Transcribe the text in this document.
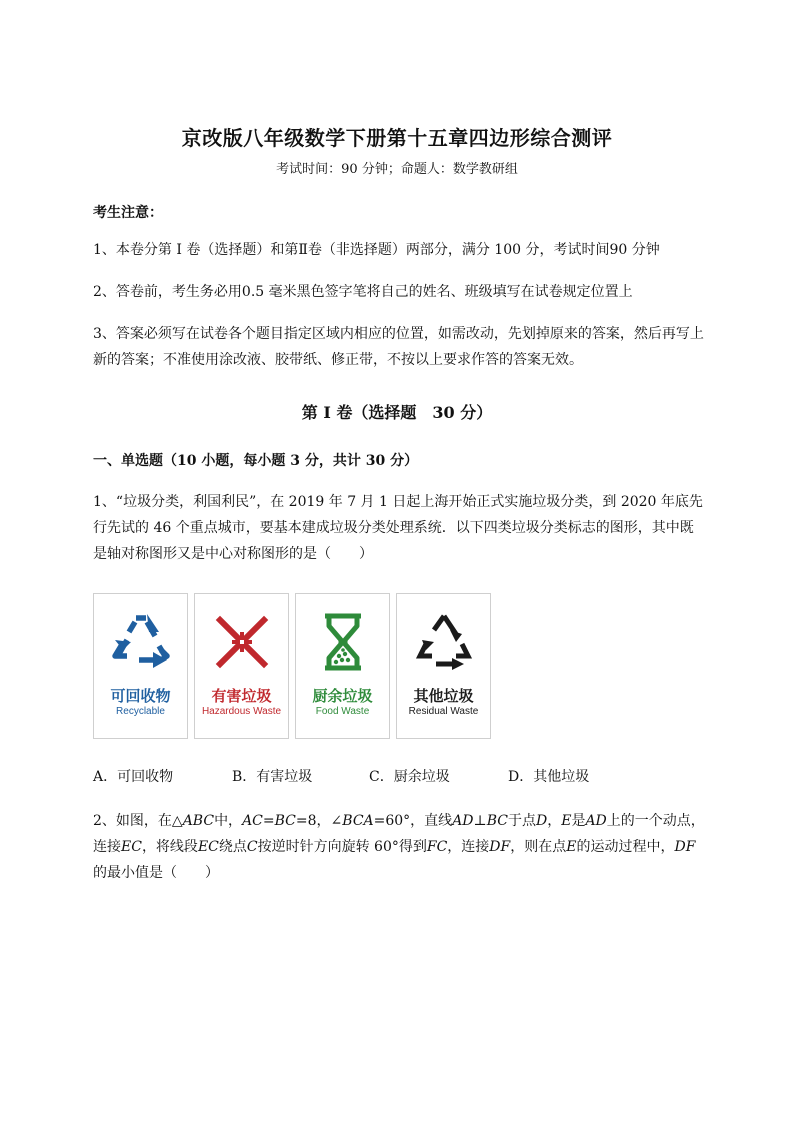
京改版八年级数学下册第十五章四边形综合测评
考试时间：90 分钟；命题人：数学教研组
考生注意：
1、本卷分第 I 卷（选择题）和第Ⅱ卷（非选择题）两部分，满分 100 分，考试时间90 分钟
2、答卷前，考生务必用0.5 毫米黑色签字笔将自己的姓名、班级填写在试卷规定位置上
3、答案必须写在试卷各个题目指定区域内相应的位置，如需改动，先划掉原来的答案，然后再写上新的答案；不准使用涂改液、胶带纸、修正带，不按以上要求作答的答案无效。
第 I 卷（选择题　30 分）
一、单选题（10 小题，每小题 3 分，共计 30 分）
1、“垃圾分类，利国利民”，在 2019 年 7 月 1 日起上海开始正式实施垃圾分类，到 2020 年底先行先试的 46 个重点城市，要基本建成垃圾分类处理系统．以下四类垃圾分类标志的图形，其中既是轴对称图形又是中心对称图形的是（　　）
可回收物
Recyclable
有害垃圾
Hazardous Waste
厨余垃圾
Food Waste
其他垃圾
Residual Waste
A．可回收物	B．有害垃圾	C．厨余垃圾	D．其他垃圾
2、如图，在△ABC中，AC=BC=8，∠BCA=60°，直线AD⊥BC于点D，E是AD上的一个动点，连接EC，将线段EC绕点C按逆时针方向旋转 60°得到FC，连接DF，则在点E的运动过程中，DF的最小值是（　　）
